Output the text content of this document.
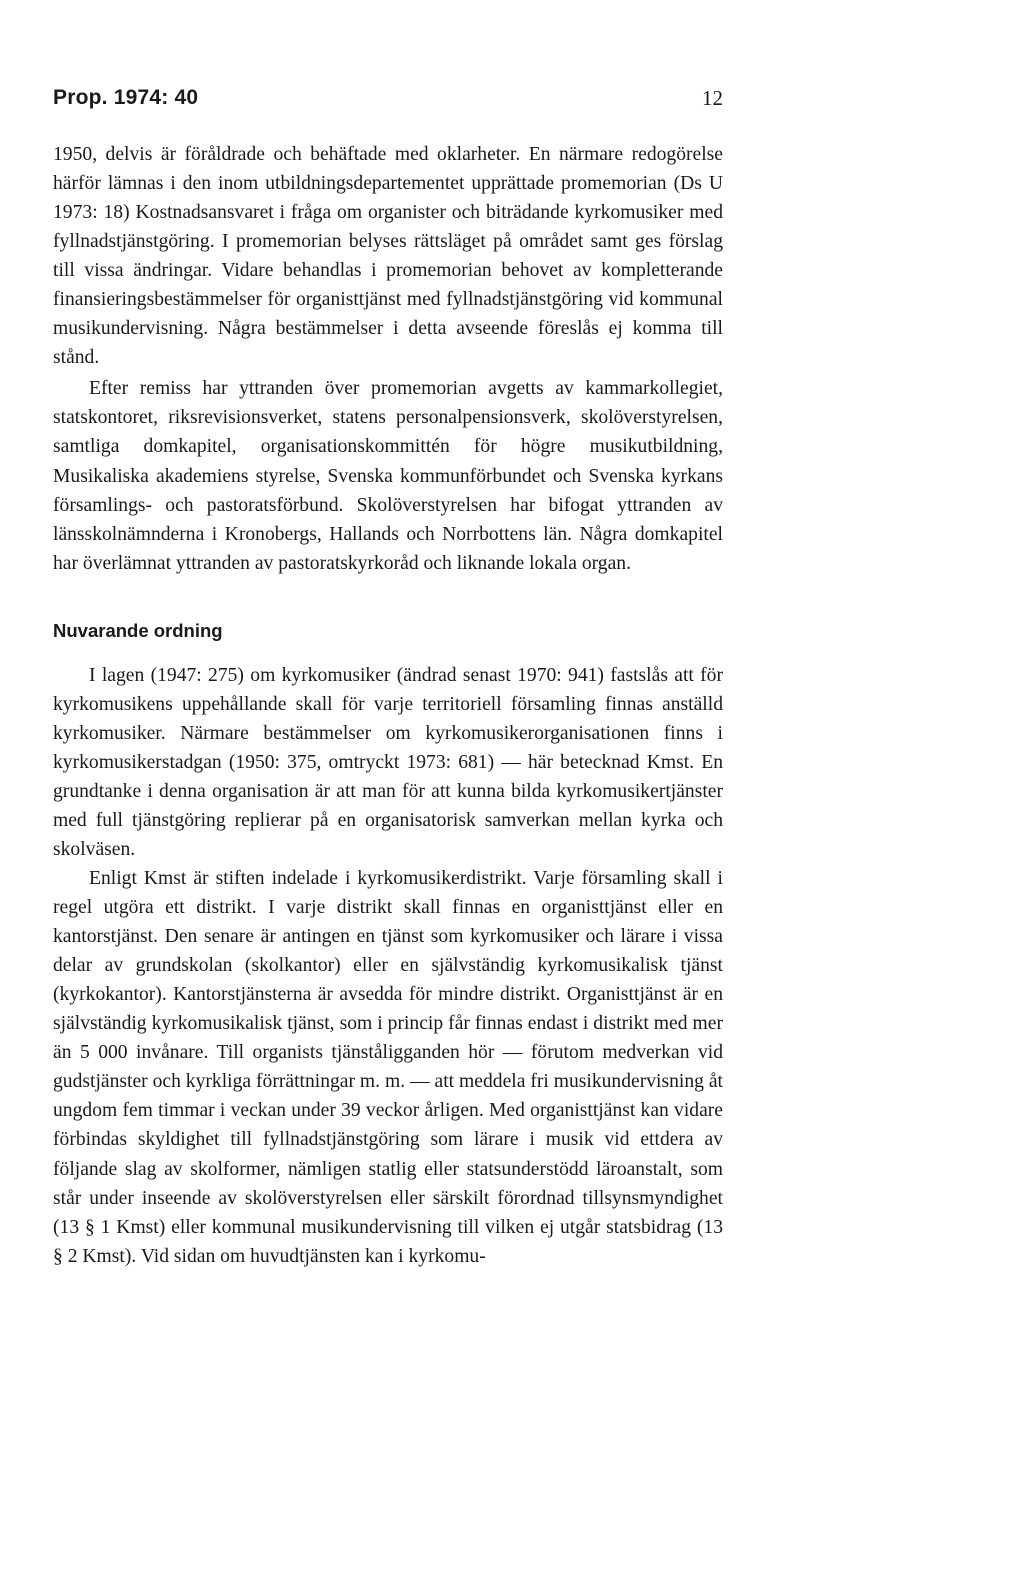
Prop. 1974: 40	12

1950, delvis är föråldrade och behäftade med oklarheter. En närmare redogörelse härför lämnas i den inom utbildningsdepartementet upprättade promemorian (Ds U 1973: 18) Kostnadsansvaret i fråga om organister och biträdande kyrkomusiker med fyllnadstjänstgöring. I promemorian belyses rättsläget på området samt ges förslag till vissa ändringar. Vidare behandlas i promemorian behovet av kompletterande finansieringsbestämmelser för organisttjänst med fyllnadstjänstgöring vid kommunal musikundervisning. Några bestämmelser i detta avseende föreslås ej komma till stånd.

Efter remiss har yttranden över promemorian avgetts av kammarkollegiet, statskontoret, riksrevisionsverket, statens personalpensionsverk, skolöverstyrelsen, samtliga domkapitel, organisationskommittén för högre musikutbildning, Musikaliska akademiens styrelse, Svenska kommunförbundet och Svenska kyrkans församlings- och pastoratsförbund. Skolöverstyrelsen har bifogat yttranden av länsskolnämnderna i Kronobergs, Hallands och Norrbottens län. Några domkapitel har överlämnat yttranden av pastoratskyrkoråd och liknande lokala organ.

Nuvarande ordning

I lagen (1947: 275) om kyrkomusiker (ändrad senast 1970: 941) fastslås att för kyrkomusikens uppehållande skall för varje territoriell församling finnas anställd kyrkomusiker. Närmare bestämmelser om kyrkomusikerorganisationen finns i kyrkomusikerstadgan (1950: 375, omtryckt 1973: 681) — här betecknad Kmst. En grundtanke i denna organisation är att man för att kunna bilda kyrkomusikertjänster med full tjänstgöring replierar på en organisatorisk samverkan mellan kyrka och skolväsen.

Enligt Kmst är stiften indelade i kyrkomusikerdistrikt. Varje församling skall i regel utgöra ett distrikt. I varje distrikt skall finnas en organisttjänst eller en kantorstjänst. Den senare är antingen en tjänst som kyrkomusiker och lärare i vissa delar av grundskolan (skolkantor) eller en självständig kyrkomusikalisk tjänst (kyrkokantor). Kantorstjänsterna är avsedda för mindre distrikt. Organisttjänst är en självständig kyrkomusikalisk tjänst, som i princip får finnas endast i distrikt med mer än 5 000 invånare. Till organists tjänståligganden hör — förutom medverkan vid gudstjänster och kyrkliga förrättningar m. m. — att meddela fri musikundervisning åt ungdom fem timmar i veckan under 39 veckor årligen. Med organisttjänst kan vidare förbindas skyldighet till fyllnadstjänstgöring som lärare i musik vid ettdera av följande slag av skolformer, nämligen statlig eller statsunderstödd läroanstalt, som står under inseende av skolöverstyrelsen eller särskilt förordnad tillsynsmyndighet (13 § 1 Kmst) eller kommunal musikundervisning till vilken ej utgår statsbidrag (13 § 2 Kmst). Vid sidan om huvudtjänsten kan i kyrkomu-
